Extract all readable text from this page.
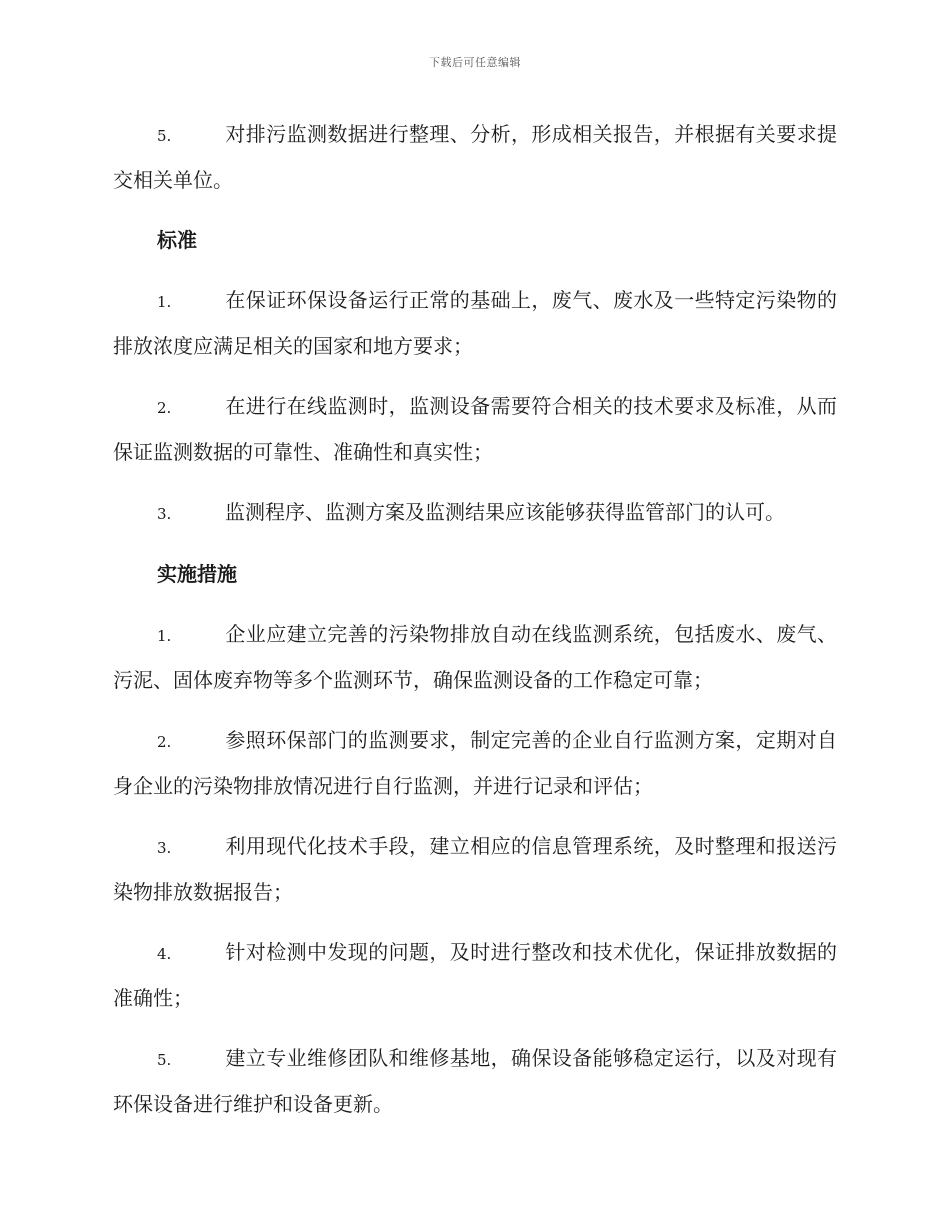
下载后可任意编辑

5.	对排污监测数据进行整理、分析，形成相关报告，并根据有关要求提交相关单位。

标准

1.	在保证环保设备运行正常的基础上，废气、废水及一些特定污染物的排放浓度应满足相关的国家和地方要求；

2.	在进行在线监测时，监测设备需要符合相关的技术要求及标准，从而保证监测数据的可靠性、准确性和真实性；

3.	监测程序、监测方案及监测结果应该能够获得监管部门的认可。

实施措施

1.	企业应建立完善的污染物排放自动在线监测系统，包括废水、废气、污泥、固体废弃物等多个监测环节，确保监测设备的工作稳定可靠；

2.	参照环保部门的监测要求，制定完善的企业自行监测方案，定期对自身企业的污染物排放情况进行自行监测，并进行记录和评估；

3.	利用现代化技术手段，建立相应的信息管理系统，及时整理和报送污染物排放数据报告；

4.	针对检测中发现的问题，及时进行整改和技术优化，保证排放数据的准确性；

5.	建立专业维修团队和维修基地，确保设备能够稳定运行，以及对现有环保设备进行维护和设备更新。
